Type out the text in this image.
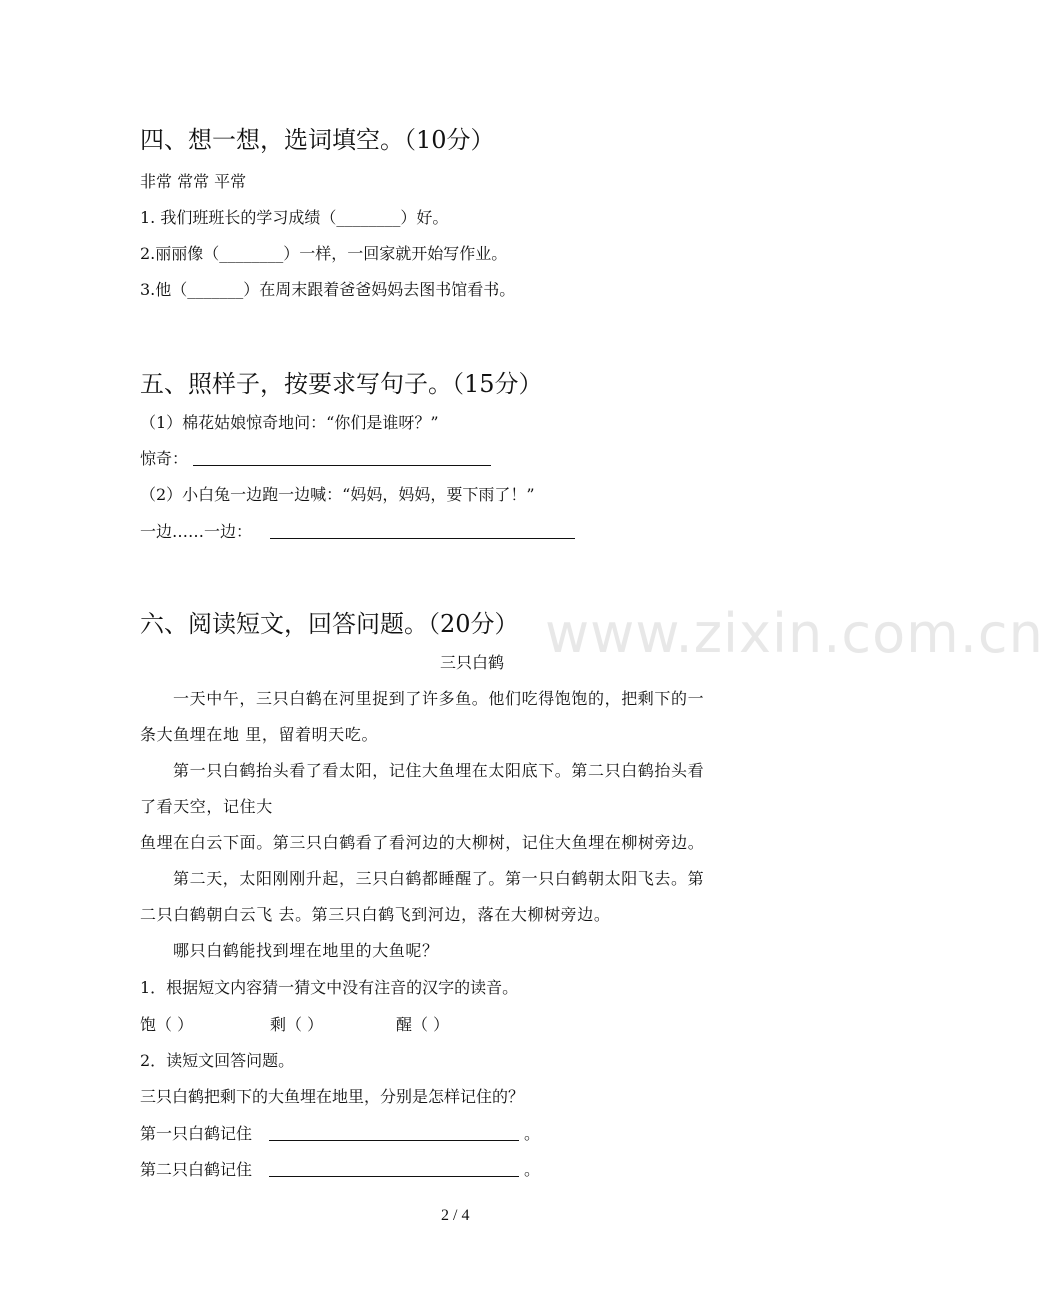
www.zixin.com.cn
四、想一想，选词填空。（10分）
非常 常常 平常
1. 我们班班长的学习成绩（________）好。
2.丽丽像（________）一样，一回家就开始写作业。
3.他（_______）在周末跟着爸爸妈妈去图书馆看书。
五、照样子，按要求写句子。（15分）
（1）棉花姑娘惊奇地问：“你们是谁呀？”
惊奇：
（2）小白兔一边跑一边喊：“妈妈，妈妈，要下雨了！”
一边……一边：
六、阅读短文，回答问题。（20分）
三只白鹤
一天中午，三只白鹤在河里捉到了许多鱼。他们吃得饱饱的，把剩下的一
条大鱼埋在地 里，留着明天吃。
第一只白鹤抬头看了看太阳，记住大鱼埋在太阳底下。第二只白鹤抬头看
了看天空，记住大
鱼埋在白云下面。第三只白鹤看了看河边的大柳树，记住大鱼埋在柳树旁边。
第二天，太阳刚刚升起，三只白鹤都睡醒了。第一只白鹤朝太阳飞去。第
二只白鹤朝白云飞 去。第三只白鹤飞到河边，落在大柳树旁边。
哪只白鹤能找到埋在地里的大鱼呢？
1．根据短文内容猜一猜文中没有注音的汉字的读音。
饱（ ）	剩（ ）	醒（ ）
2．读短文回答问题。
三只白鹤把剩下的大鱼埋在地里，分别是怎样记住的？
第一只白鹤记住	。
第二只白鹤记住	。
2 / 4
